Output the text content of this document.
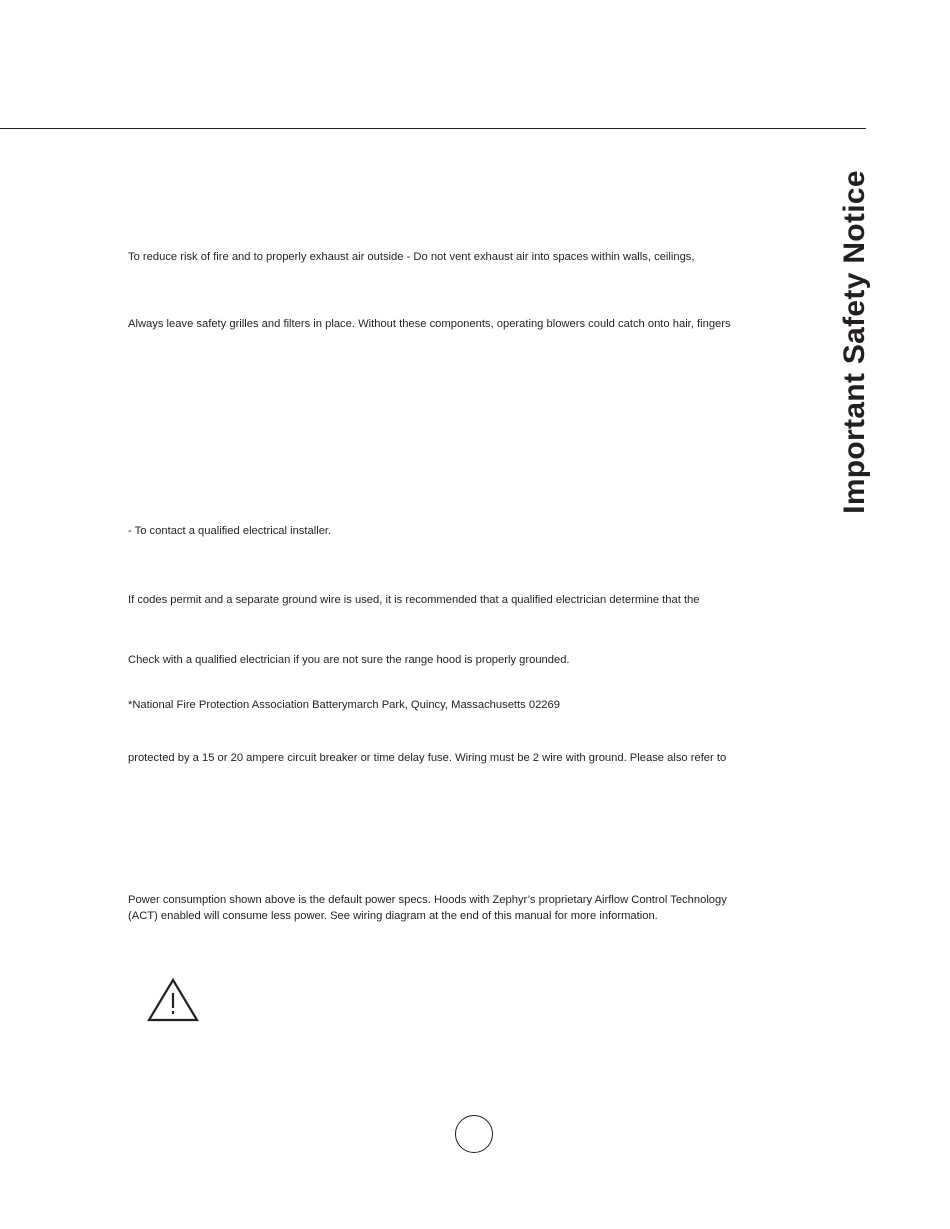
Important Safety Notice
To reduce risk of fire and to properly exhaust air outside - Do not vent exhaust air into spaces within walls, ceilings,
Always leave safety grilles and filters in place. Without these components, operating blowers could catch onto hair, fingers
- To contact a qualified electrical installer.
If codes permit and a separate ground wire is used, it is recommended that a qualified electrician determine that the
Check with a qualified electrician if you are not sure the range hood is properly grounded.
*National Fire Protection Association Batterymarch Park, Quincy, Massachusetts 02269
protected by a 15 or 20 ampere circuit breaker or time delay fuse. Wiring must be 2 wire with ground. Please also refer to
Power consumption shown above is the default power specs. Hoods with Zephyr’s proprietary Airflow Control Technology
(ACT) enabled will consume less power. See wiring diagram at the end of this manual for more information.
